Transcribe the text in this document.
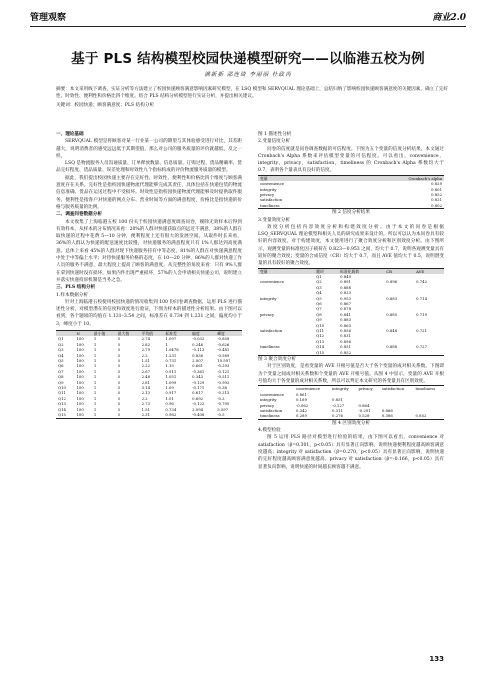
管理观察	商业2.0
基于 PLS 结构模型校园快递模型研究——以临港五校为例
满新新 邵连琦 李丽丽 杜政芮
摘要：本文采用线下调查、实证分析等方法建立了校园快递顾客满意影响因素研究模型，在 LSQ 模型和 SERVQUAL 理论基础上，总结归纳了影响校园快递顾客满意度的关键因素，确立了完好性、时效性、便利性和价格比四个维度。结合 PLS 结构分析模型进行实证分析，并提出相关建议。
关键词：校园快递；顾客满意度；PLS 结构分析

一、理论基础

SERVQUAL 模型是将顾客对某一行业某一公司的期望与其体验感受进行对比，其差距越大，说明消费者的感受远远低于其期望值，那么对公司的服务质量的评价就越低，反之一样。

LSQ 是物流服务人员沟通质量、订单释放数量、信息质量、订购过程、货品精确率、货品完好程度、货品质量、误差处理和时效性九个指标构成的评价物流服务质量的模型。

据此，我们提出校园快递主要存在完好性、时效性、便利性和价格比四个维度与顾客满意度存在关系。完好性是指校园快递物流代理能够完成其责任，具体包括在快递包装的物流信息准确、货品在运送过程中不受损坏。时效性是指校园快递物流代理能够及时提供取件服务。便利性是指客户对快递的网点分布、营业时间等方面的满意程度，价格比是指快递的价格与服务质量的比例。

二、调查问卷数据分析

本文收集了上海临港五校 100 份关于校园快递满意度调查问卷，剔除无效样本后得到有效样本，从样本的分布情况来看：20%的人群对快递获取点的远近不满意，38%的人群在取快递的过程中花费 5—10 分钟，便利程度上还有很大的发展空间。从取件时长来看，36%的人群认为快递的配送速度比较慢，对快递服务的满意程度只有 1%人群达到高度满意。总体上来看 45%的人群对现下快递服务持有中等态度，81%的人群在对快递满意程度中处于中等偏上水平；对待快递服务价格的态度，在 10—20 分钟，86%的人群对快递工作人员的服务不满意，最大程度上提高了顾客的满意度。从完整性的角度来看：只有 9%人群在拿到快递时没有损坏，如果内件出现严重损坏，57%的人会申请相关快递公司，说明建立并落实快递投诉机制是当务之急。

三、PLS 结构分析

1.样本数据分析

针对上海临港五校使用校园快递的情况收集到 100 份问卷调查数据，运用 PLS 进行描述性分析，对模型潜在的信度和效度进行验证，下图为样本的描述性分析结果。由下图可以看到，各个题项的均值在 1.131–3.54 之间，标准差在 0.734 到 1.231 之间，偏度均小于 3，峰度小于 10。

	N	最小值	最大值	平均值	标准差	偏度	峰度
Q1	100	1	5	2.74	1.097	-0.032	-0.858
Q2	100	1	5	2.82	1	0.246	-0.626
Q3	100	1	5	2.79	1.0478	-0.113	-0.481
Q4	100	1	5	2.2	1.231	0.836	-0.589
Q5	100	1	5	1.51	0.731	2.007	10.597
Q6	100	1	5	2.22	1.15	0.661	-0.293
Q7	100	1	5	2.67	0.911	-0.361	-0.121
Q8	100	1	5	2.46	1.051	0.343	-0.511
Q9	100	1	5	2.81	1.099	-0.129	-0.992
Q10	100	1	5	3.14	1.09	-0.171	-0.38
Q11	100	1	5	2.13	0.917	0.617	-0.213
Q12	100	1	5	2.2	1.01	0.692	-0.2
Q13	100	1	5	2.73	0.96	-0.122	-0.795
Q14	100	1	5	1.51	0.734	2.094	5.597
Q15	100	1	5	2.31	0.982	-0.408	-0.5

图 1 描述性分析

2.变量信度分析

问卷的信度就是问卷调查数据的可信程度。下图为五个变量的信度分析结果，本文通过 Cronbach's Alpha 系数来评估模型变量的可信程度。可以看出，convenience，integrity，privacy，satisfaction，timeliness 的 Cronbach's Alpha 系数均大于 0.7，表明各个量表具有良好的信度。

变量	Cronbach's alpha
convenience	0.829
integrity	0.801
privacy	0.852
satisfaction	0.821
timeliness	0.802

图 2 信度分析结果

3.变量效度分析

效度分析包括内容效度分析和构建效度分析。由于本文的问卷是根据 LSQ_SERVQUAL 理论模型和相关人员的研究成果来设计的，所以可以认为本问卷具有较好的内容效度。对于构建效度，本文使用进行了聚合效度分析和区别效度分析。由下图所示，观测变量的标准化因子载荷在 0.823—0.953 之间，均大于 0.7，说明各观测变量具有较好的聚合效度；变量的合成信度（CR）均大于 0.7，而且 AVE 值均大于 0.5，说明潜变量的具有较好的聚合效度。

变量	题项	标准化载荷	CR	AVE
	Q1	0.849		
convenience	Q2	0.891	0.896	0.742
	Q3	0.888		
	Q4	0.823		
integrity	Q5	0.953	0.883	0.714
	Q6	0.867		
	Q7	0.878		
privacy	Q8	0.841	0.885	0.719
	Q9	0.883		
	Q10	0.863		
satisfaction	Q11	0.856	0.848	0.721
	Q12	0.831		
	Q13	0.896		
timeliness	Q14	0.851	0.888	0.727
	Q15	0.852		

图 3 聚合效度分析

对于区别效度，是看变量的 AVE 开根号值是否大于各个变量的成对相关系数。下图即为个变量之间成对相关系数和个变量的 AVE 开根号值。从图 4 中显示，变量的 AVE 开根号值均大于各变量的成对相关系数，所以可以判定本文研究的各变量具有区别效度。

	convenience	integrity	privacy	satisfaction	timeliness
convenience	0.861				
integrity	0.169	0.851			
privacy	-0.062	-0.127	0.864		
satisfaction	0.342	0.311	-0.201	0.866	
timeliness	0.289	0.276	0.528	0.386	0.852

图 4 区别效度分析

4.模型检验

图 5 运用 PLS 路径对模型进行检验的结果，由下图可以看出，convenience 对 satisfaction（β=0.301，p<0.05）具有显著正向影响，说明快递便利程度越高顾客满意度越高；integrity 对 satisfaction（β=0.270，p<0.05）具有显著正向影响，说明快递的完好程度越高顾客满意度越高。privacy 对 satisfaction（β=-0.166，p<0.05）具有显著负向影响，说明快递的时间越长顾客越不满意。

133
